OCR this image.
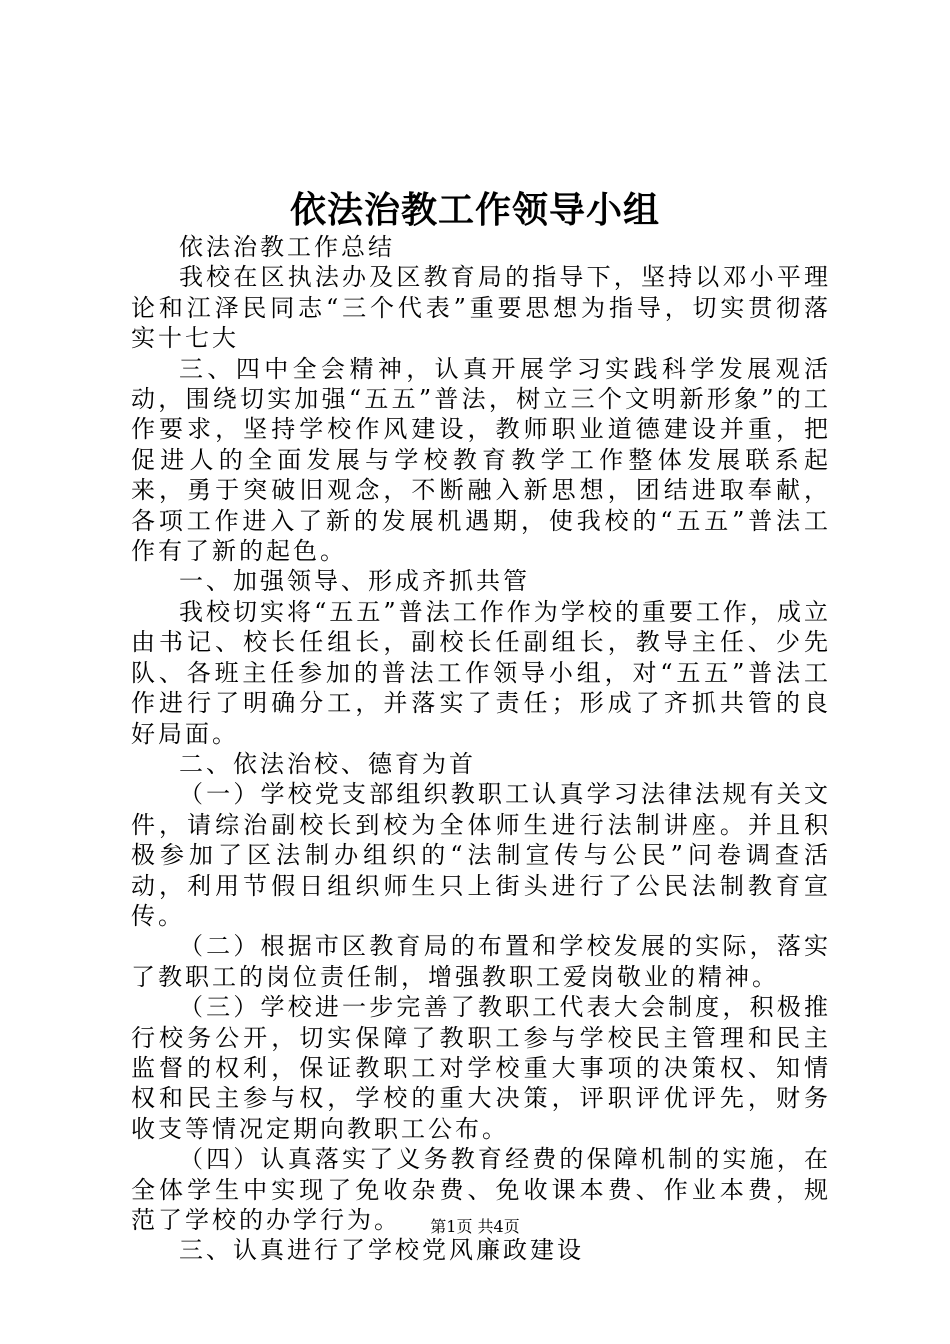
依法治教工作领导小组

依法治教工作总结

我校在区执法办及区教育局的指导下，坚持以邓小平理论和江泽民同志“三个代表”重要思想为指导，切实贯彻落实十七大

三、四中全会精神，认真开展学习实践科学发展观活动，围绕切实加强“五五”普法，树立三个文明新形象”的工作要求，坚持学校作风建设，教师职业道德建设并重，把促进人的全面发展与学校教育教学工作整体发展联系起来，勇于突破旧观念，不断融入新思想，团结进取奉献，各项工作进入了新的发展机遇期，使我校的“五五”普法工作有了新的起色。

一、加强领导、形成齐抓共管

我校切实将“五五”普法工作作为学校的重要工作，成立由书记、校长任组长，副校长任副组长，教导主任、少先队、各班主任参加的普法工作领导小组，对“五五”普法工作进行了明确分工，并落实了责任；形成了齐抓共管的良好局面。

二、依法治校、德育为首

（一）学校党支部组织教职工认真学习法律法规有关文件，请综治副校长到校为全体师生进行法制讲座。并且积极参加了区法制办组织的“法制宣传与公民”问卷调查活动，利用节假日组织师生只上街头进行了公民法制教育宣传。

（二）根据市区教育局的布置和学校发展的实际，落实了教职工的岗位责任制，增强教职工爱岗敬业的精神。

（三）学校进一步完善了教职工代表大会制度，积极推行校务公开，切实保障了教职工参与学校民主管理和民主监督的权利，保证教职工对学校重大事项的决策权、知情权和民主参与权，学校的重大决策，评职评优评先，财务收支等情况定期向教职工公布。

（四）认真落实了义务教育经费的保障机制的实施，在全体学生中实现了免收杂费、免收课本费、作业本费，规范了学校的办学行为。

三、认真进行了学校党风廉政建设

第1页 共4页
